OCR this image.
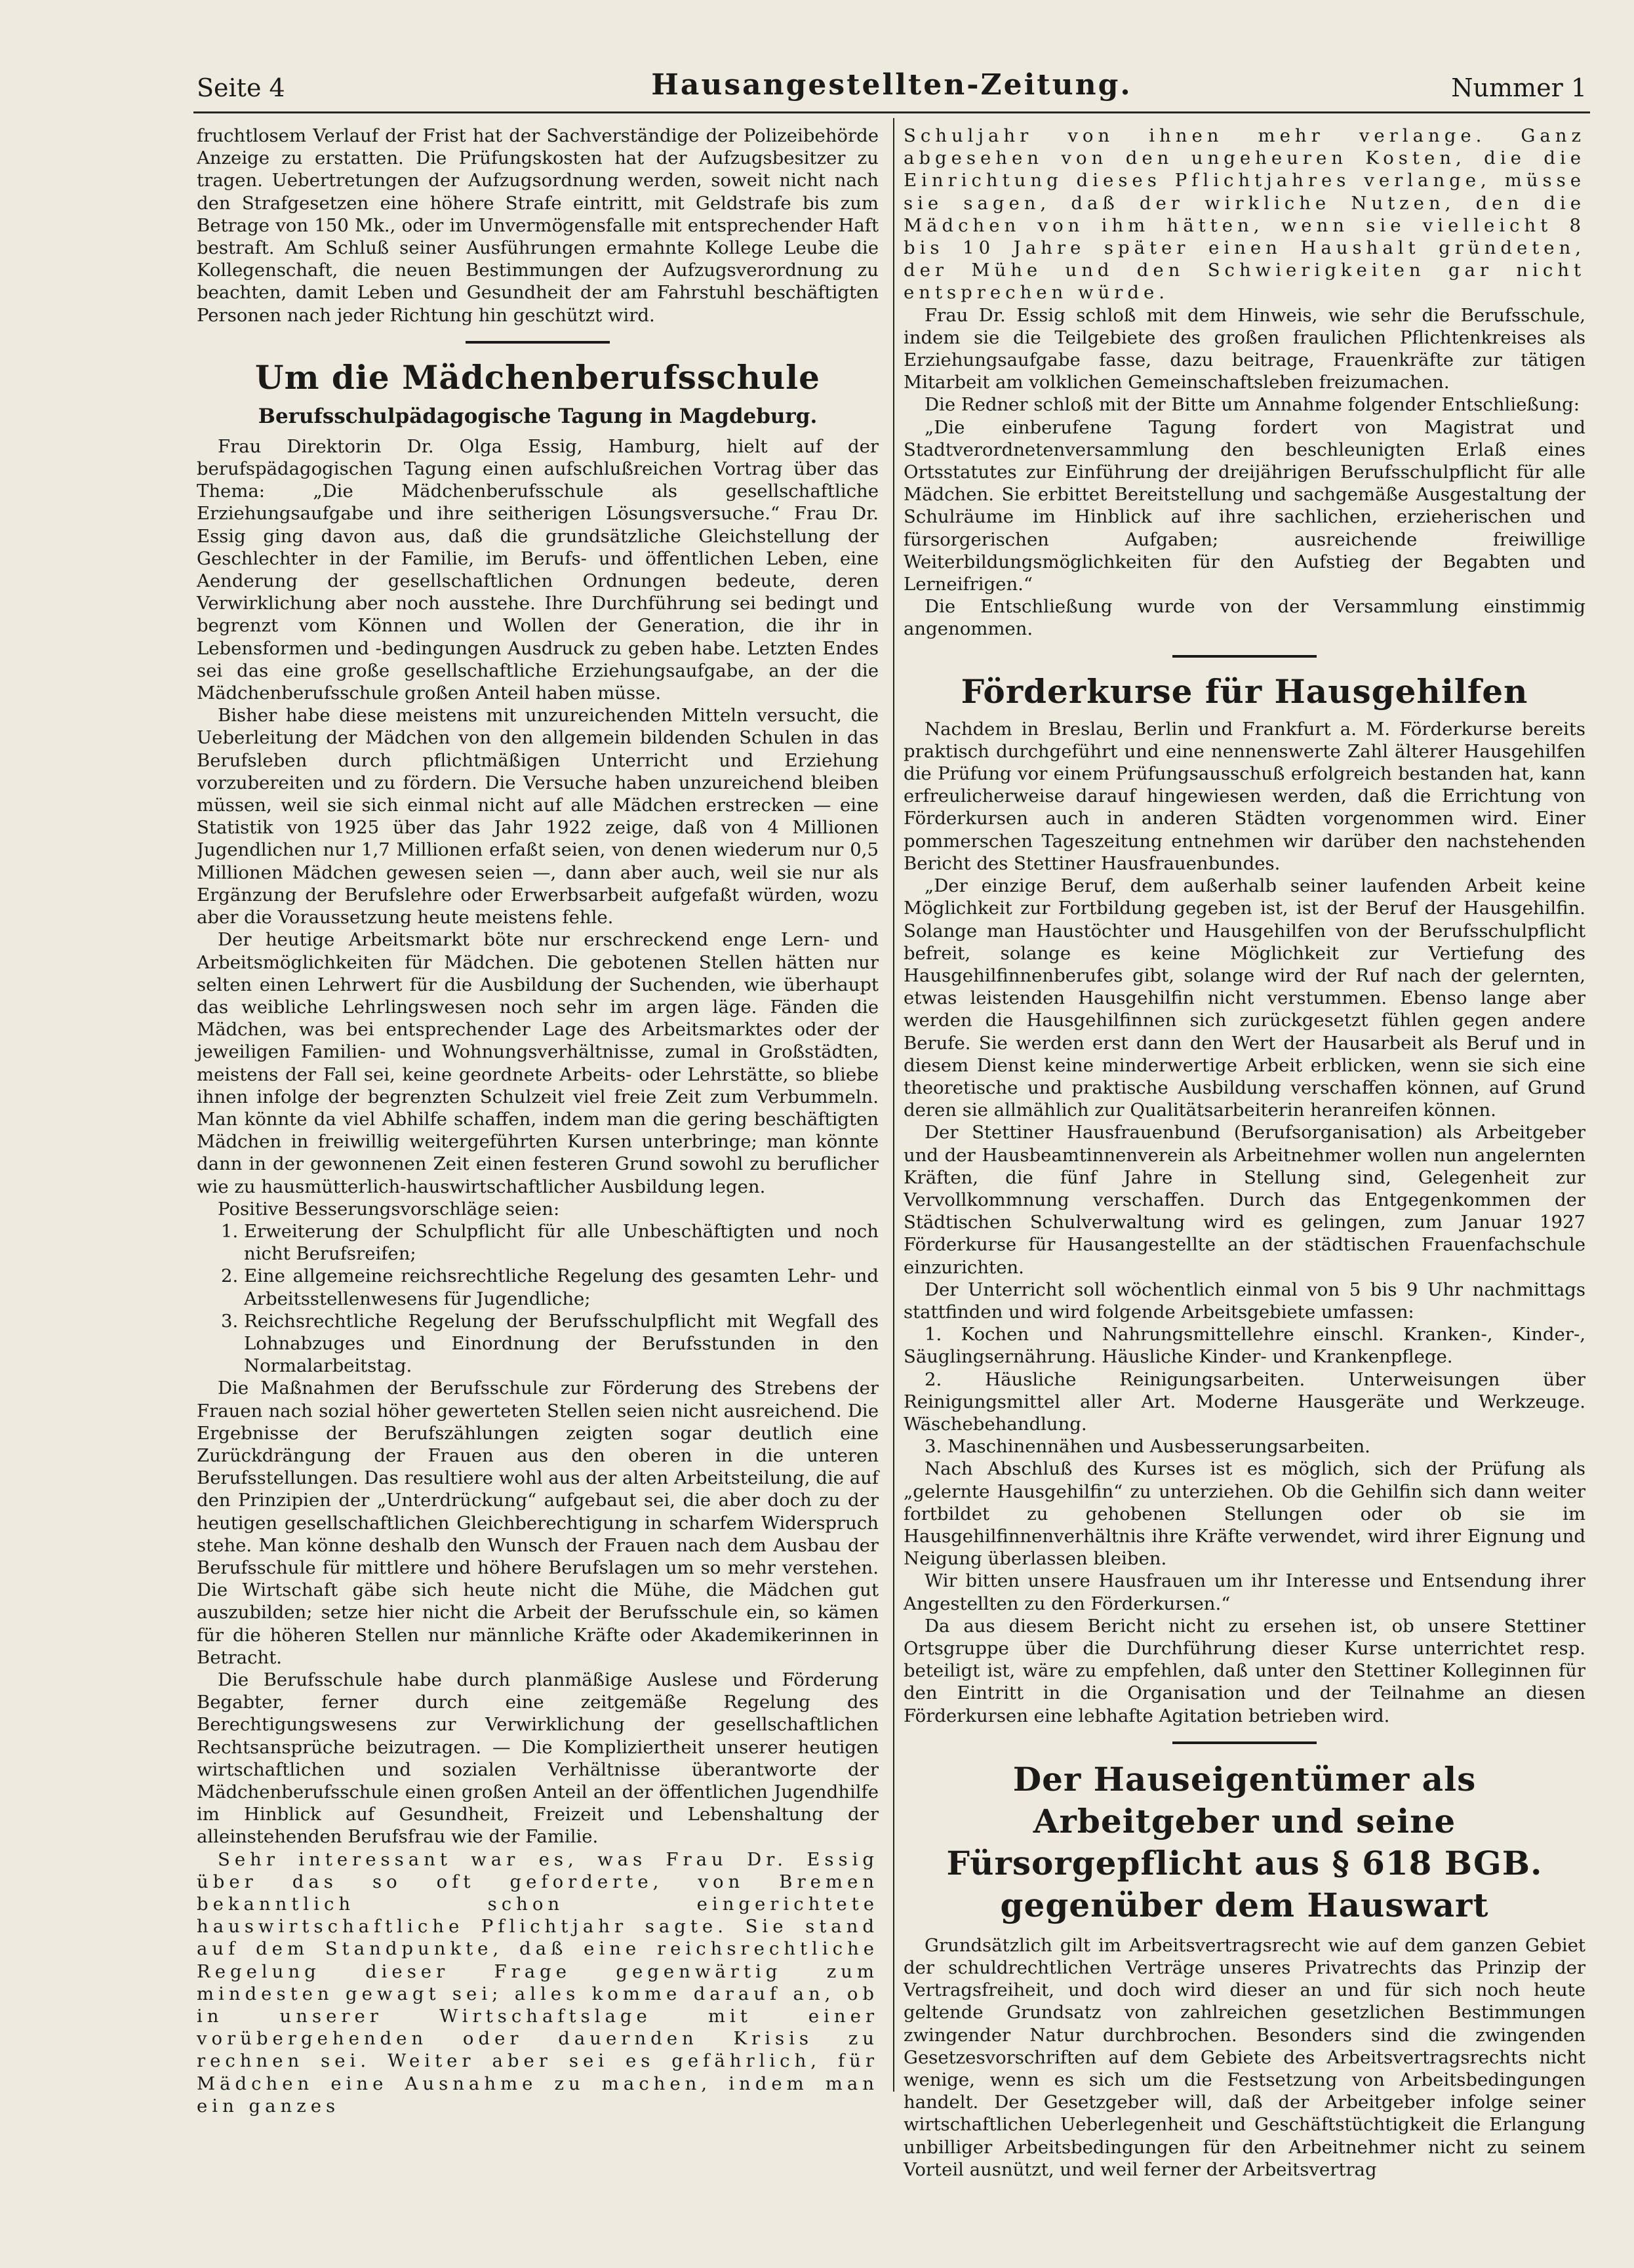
Seite 4	Hausangestellten-Zeitung.	Nummer 1

fruchtlosem Verlauf der Frist hat der Sachverständige der Polizeibehörde Anzeige zu erstatten. Die Prüfungskosten hat der Aufzugsbesitzer zu tragen. Uebertretungen der Aufzugsordnung werden, soweit nicht nach den Strafgesetzen eine höhere Strafe eintritt, mit Geldstrafe bis zum Betrage von 150 Mk., oder im Unvermögensfalle mit entsprechender Haft bestraft. Am Schluß seiner Ausführungen ermahnte Kollege Leube die Kollegenschaft, die neuen Bestimmungen der Aufzugsverordnung zu beachten, damit Leben und Gesundheit der am Fahrstuhl beschäftigten Personen nach jeder Richtung hin geschützt wird.

Um die Mädchenberufsschule
Berufsschulpädagogische Tagung in Magdeburg.

Frau Direktorin Dr. Olga Essig, Hamburg, hielt auf der berufspädagogischen Tagung einen aufschlußreichen Vortrag über das Thema: „Die Mädchenberufsschule als gesellschaftliche Erziehungsaufgabe und ihre seitherigen Lösungsversuche.“ Frau Dr. Essig ging davon aus, daß die grundsätzliche Gleichstellung der Geschlechter in der Familie, im Berufs- und öffentlichen Leben, eine Aenderung der gesellschaftlichen Ordnungen bedeute, deren Verwirklichung aber noch ausstehe. Ihre Durchführung sei bedingt und begrenzt vom Können und Wollen der Generation, die ihr in Lebensformen und -bedingungen Ausdruck zu geben habe. Letzten Endes sei das eine große gesellschaftliche Erziehungsaufgabe, an der die Mädchenberufsschule großen Anteil haben müsse.

Bisher habe diese meistens mit unzureichenden Mitteln versucht, die Ueberleitung der Mädchen von den allgemein bildenden Schulen in das Berufsleben durch pflichtmäßigen Unterricht und Erziehung vorzubereiten und zu fördern. Die Versuche haben unzureichend bleiben müssen, weil sie sich einmal nicht auf alle Mädchen erstrecken — eine Statistik von 1925 über das Jahr 1922 zeige, daß von 4 Millionen Jugendlichen nur 1,7 Millionen erfaßt seien, von denen wiederum nur 0,5 Millionen Mädchen gewesen seien —, dann aber auch, weil sie nur als Ergänzung der Berufslehre oder Erwerbsarbeit aufgefaßt würden, wozu aber die Voraussetzung heute meistens fehle.

Der heutige Arbeitsmarkt böte nur erschreckend enge Lern- und Arbeitsmöglichkeiten für Mädchen. Die gebotenen Stellen hätten nur selten einen Lehrwert für die Ausbildung der Suchenden, wie überhaupt das weibliche Lehrlingswesen noch sehr im argen läge. Fänden die Mädchen, was bei entsprechender Lage des Arbeitsmarktes oder der jeweiligen Familien- und Wohnungsverhältnisse, zumal in Großstädten, meistens der Fall sei, keine geordnete Arbeits- oder Lehrstätte, so bliebe ihnen infolge der begrenzten Schulzeit viel freie Zeit zum Verbummeln. Man könnte da viel Abhilfe schaffen, indem man die gering beschäftigten Mädchen in freiwillig weitergeführten Kursen unterbringe; man könnte dann in der gewonnenen Zeit einen festeren Grund sowohl zu beruflicher wie zu hausmütterlich-hauswirtschaftlicher Ausbildung legen.

Positive Besserungsvorschläge seien:

1. Erweiterung der Schulpflicht für alle Unbeschäftigten und noch nicht Berufsreifen;
2. Eine allgemeine reichsrechtliche Regelung des gesamten Lehr- und Arbeitsstellenwesens für Jugendliche;
3. Reichsrechtliche Regelung der Berufsschulpflicht mit Wegfall des Lohnabzuges und Einordnung der Berufsstunden in den Normalarbeitstag.

Die Maßnahmen der Berufsschule zur Förderung des Strebens der Frauen nach sozial höher gewerteten Stellen seien nicht ausreichend. Die Ergebnisse der Berufszählungen zeigten sogar deutlich eine Zurückdrängung der Frauen aus den oberen in die unteren Berufsstellungen. Das resultiere wohl aus der alten Arbeitsteilung, die auf den Prinzipien der „Unterdrückung“ aufgebaut sei, die aber doch zu der heutigen gesellschaftlichen Gleichberechtigung in scharfem Widerspruch stehe. Man könne deshalb den Wunsch der Frauen nach dem Ausbau der Berufsschule für mittlere und höhere Berufslagen um so mehr verstehen. Die Wirtschaft gäbe sich heute nicht die Mühe, die Mädchen gut auszubilden; setze hier nicht die Arbeit der Berufsschule ein, so kämen für die höheren Stellen nur männliche Kräfte oder Akademikerinnen in Betracht.

Die Berufsschule habe durch planmäßige Auslese und Förderung Begabter, ferner durch eine zeitgemäße Regelung des Berechtigungswesens zur Verwirklichung der gesellschaftlichen Rechtsansprüche beizutragen. — Die Kompliziertheit unserer heutigen wirtschaftlichen und sozialen Verhältnisse überantworte der Mädchenberufsschule einen großen Anteil an der öffentlichen Jugendhilfe im Hinblick auf Gesundheit, Freizeit und Lebenshaltung der alleinstehenden Berufsfrau wie der Familie.

Sehr interessant war es, was Frau Dr. Essig über das so oft geforderte, von Bremen bekanntlich schon eingerichtete hauswirtschaftliche Pflichtjahr sagte. Sie stand auf dem Standpunkte, daß eine reichsrechtliche Regelung dieser Frage gegenwärtig zum mindesten gewagt sei; alles komme darauf an, ob in unserer Wirtschaftslage mit einer vorübergehenden oder dauernden Krisis zu rechnen sei. Weiter aber sei es gefährlich, für Mädchen eine Ausnahme zu machen, indem man ein ganzes

Schuljahr von ihnen mehr verlange. Ganz abgesehen von den ungeheuren Kosten, die die Einrichtung dieses Pflichtjahres verlange, müsse sie sagen, daß der wirkliche Nutzen, den die Mädchen von ihm hätten, wenn sie vielleicht 8 bis 10 Jahre später einen Haushalt gründeten, der Mühe und den Schwierigkeiten gar nicht entsprechen würde.

Frau Dr. Essig schloß mit dem Hinweis, wie sehr die Berufsschule, indem sie die Teilgebiete des großen fraulichen Pflichtenkreises als Erziehungsaufgabe fasse, dazu beitrage, Frauenkräfte zur tätigen Mitarbeit am volklichen Gemeinschaftsleben freizumachen.

Die Redner schloß mit der Bitte um Annahme folgender Entschließung:

„Die einberufene Tagung fordert von Magistrat und Stadtverordnetenversammlung den beschleunigten Erlaß eines Ortsstatutes zur Einführung der dreijährigen Berufsschulpflicht für alle Mädchen. Sie erbittet Bereitstellung und sachgemäße Ausgestaltung der Schulräume im Hinblick auf ihre sachlichen, erzieherischen und fürsorgerischen Aufgaben; ausreichende freiwillige Weiterbildungsmöglichkeiten für den Aufstieg der Begabten und Lerneifrigen.“

Die Entschließung wurde von der Versammlung einstimmig angenommen.

Förderkurse für Hausgehilfen

Nachdem in Breslau, Berlin und Frankfurt a. M. Förderkurse bereits praktisch durchgeführt und eine nennenswerte Zahl älterer Hausgehilfen die Prüfung vor einem Prüfungsausschuß erfolgreich bestanden hat, kann erfreulicherweise darauf hingewiesen werden, daß die Errichtung von Förderkursen auch in anderen Städten vorgenommen wird. Einer pommerschen Tageszeitung entnehmen wir darüber den nachstehenden Bericht des Stettiner Hausfrauenbundes.

„Der einzige Beruf, dem außerhalb seiner laufenden Arbeit keine Möglichkeit zur Fortbildung gegeben ist, ist der Beruf der Hausgehilfin. Solange man Haustöchter und Hausgehilfen von der Berufsschulpflicht befreit, solange es keine Möglichkeit zur Vertiefung des Hausgehilfinnenberufes gibt, solange wird der Ruf nach der gelernten, etwas leistenden Hausgehilfin nicht verstummen. Ebenso lange aber werden die Hausgehilfinnen sich zurückgesetzt fühlen gegen andere Berufe. Sie werden erst dann den Wert der Hausarbeit als Beruf und in diesem Dienst keine minderwertige Arbeit erblicken, wenn sie sich eine theoretische und praktische Ausbildung verschaffen können, auf Grund deren sie allmählich zur Qualitätsarbeiterin heranreifen können.

Der Stettiner Hausfrauenbund (Berufsorganisation) als Arbeitgeber und der Hausbeamtinnenverein als Arbeitnehmer wollen nun angelernten Kräften, die fünf Jahre in Stellung sind, Gelegenheit zur Vervollkommnung verschaffen. Durch das Entgegenkommen der Städtischen Schulverwaltung wird es gelingen, zum Januar 1927 Förderkurse für Hausangestellte an der städtischen Frauenfachschule einzurichten.

Der Unterricht soll wöchentlich einmal von 5 bis 9 Uhr nachmittags stattfinden und wird folgende Arbeitsgebiete umfassen:

1. Kochen und Nahrungsmittellehre einschl. Kranken-, Kinder-, Säuglingsernährung. Häusliche Kinder- und Krankenpflege.

2. Häusliche Reinigungsarbeiten. Unterweisungen über Reinigungsmittel aller Art. Moderne Hausgeräte und Werkzeuge. Wäschebehandlung.

3. Maschinennähen und Ausbesserungsarbeiten.

Nach Abschluß des Kurses ist es möglich, sich der Prüfung als „gelernte Hausgehilfin“ zu unterziehen. Ob die Gehilfin sich dann weiter fortbildet zu gehobenen Stellungen oder ob sie im Hausgehilfinnenverhältnis ihre Kräfte verwendet, wird ihrer Eignung und Neigung überlassen bleiben.

Wir bitten unsere Hausfrauen um ihr Interesse und Entsendung ihrer Angestellten zu den Förderkursen.“

Da aus diesem Bericht nicht zu ersehen ist, ob unsere Stettiner Ortsgruppe über die Durchführung dieser Kurse unterrichtet resp. beteiligt ist, wäre zu empfehlen, daß unter den Stettiner Kolleginnen für den Eintritt in die Organisation und der Teilnahme an diesen Förderkursen eine lebhafte Agitation betrieben wird.

Der Hauseigentümer als Arbeitgeber und seine Fürsorgepflicht aus § 618 BGB. gegenüber dem Hauswart

Grundsätzlich gilt im Arbeitsvertragsrecht wie auf dem ganzen Gebiet der schuldrechtlichen Verträge unseres Privatrechts das Prinzip der Vertragsfreiheit, und doch wird dieser an und für sich noch heute geltende Grundsatz von zahlreichen gesetzlichen Bestimmungen zwingender Natur durchbrochen. Besonders sind die zwingenden Gesetzesvorschriften auf dem Gebiete des Arbeitsvertragsrechts nicht wenige, wenn es sich um die Festsetzung von Arbeitsbedingungen handelt. Der Gesetzgeber will, daß der Arbeitgeber infolge seiner wirtschaftlichen Ueberlegenheit und Geschäftstüchtigkeit die Erlangung unbilliger Arbeitsbedingungen für den Arbeitnehmer nicht zu seinem Vorteil ausnützt, und weil ferner der Arbeitsvertrag
